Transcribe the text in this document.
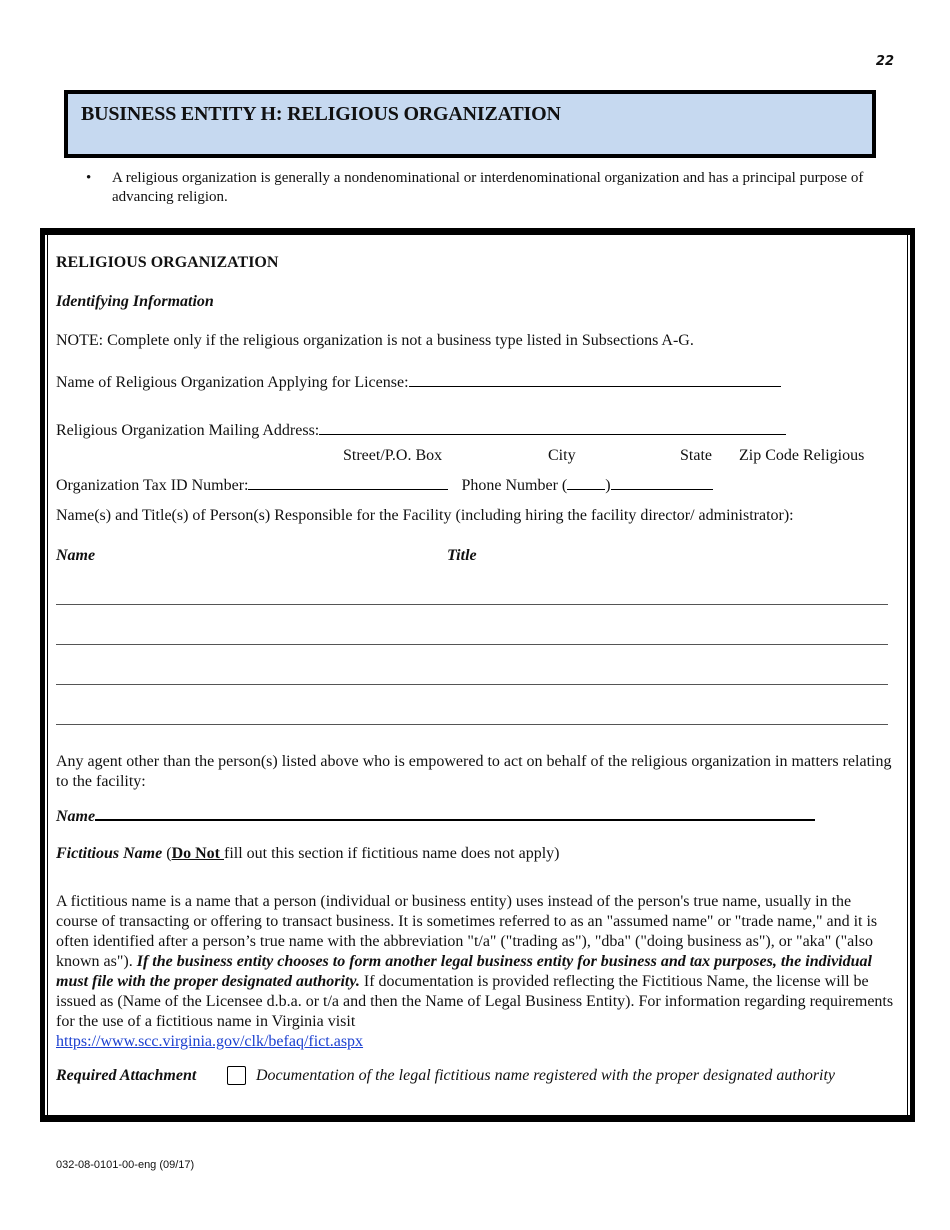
22
BUSINESS ENTITY H: RELIGIOUS ORGANIZATION
• A religious organization is generally a nondenominational or interdenominational organization and has a principal purpose of advancing religion.
RELIGIOUS ORGANIZATION
Identifying Information
NOTE: Complete only if the religious organization is not a business type listed in Subsections A-G.
Name of Religious Organization Applying for License:
Religious Organization Mailing Address:
Street/P.O. Box	City	State Zip Code Religious
Organization Tax ID Number:	Phone Number ( )
Name(s) and Title(s) of Person(s) Responsible for the Facility (including hiring the facility director/ administrator):
Name	Title
Any agent other than the person(s) listed above who is empowered to act on behalf of the religious organization in matters relating to the facility:
Name
Fictitious Name (Do Not fill out this section if fictitious name does not apply)
A fictitious name is a name that a person (individual or business entity) uses instead of the person's true name, usually in the course of transacting or offering to transact business. It is sometimes referred to as an "assumed name" or "trade name," and it is often identified after a person’s true name with the abbreviation "t/a" ("trading as"), "dba" ("doing business as"), or "aka" ("also known as"). If the business entity chooses to form another legal business entity for business and tax purposes, the individual must file with the proper designated authority. If documentation is provided reflecting the Fictitious Name, the license will be issued as (Name of the Licensee d.b.a. or t/a and then the Name of Legal Business Entity). For information regarding requirements for the use of a fictitious name in Virginia visit
https://www.scc.virginia.gov/clk/befaq/fict.aspx
Required Attachment	Documentation of the legal fictitious name registered with the proper designated authority
032-08-0101-00-eng (09/17)
